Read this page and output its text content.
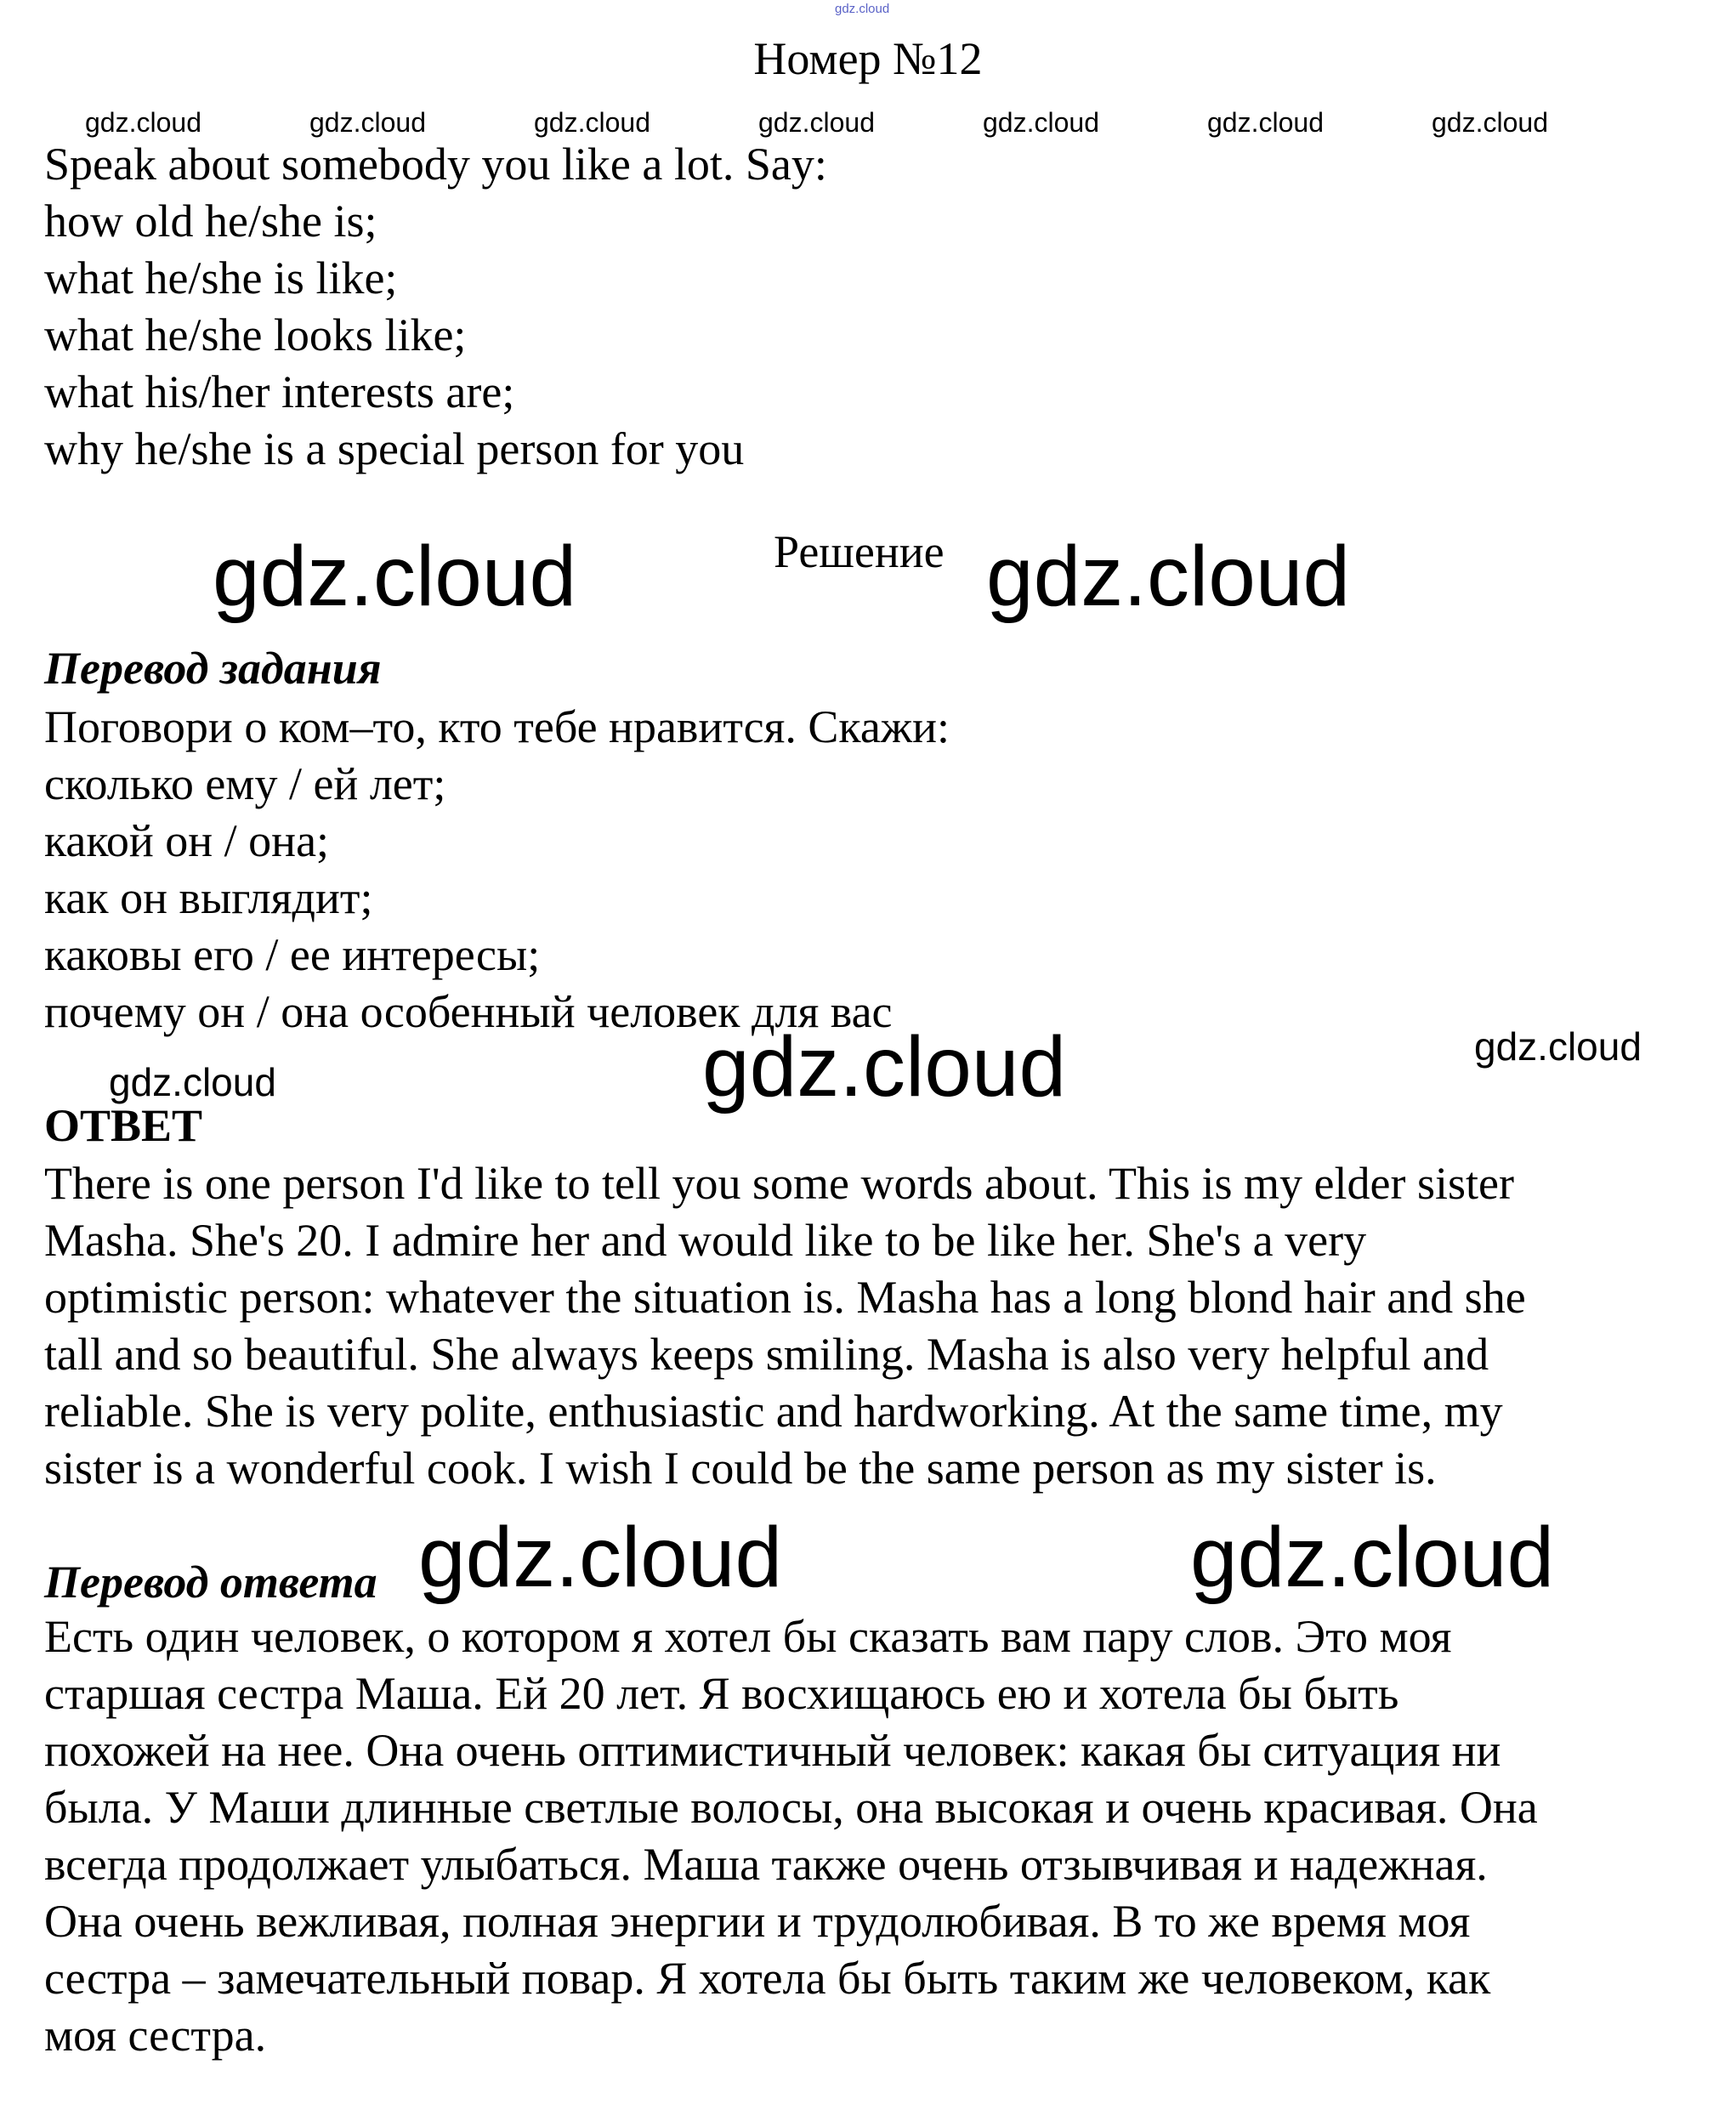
gdz.cloud
Номер №12
gdz.cloud	gdz.cloud	gdz.cloud	gdz.cloud	gdz.cloud	gdz.cloud	gdz.cloud
Speak about somebody you like a lot. Say:
how old he/she is;
what he/she is like;
what he/she looks like;
what his/her interests are;
why he/she is a special person for you
gdz.cloud	Решение gdz.cloud
Перевод задания
Поговори о ком–то, кто тебе нравится. Скажи:
сколько ему / ей лет;
какой он / она;
как он выглядит;
каковы его / ее интересы;
почему он / она особенный человек для вас
gdz.cloud	gdz.cloud	gdz.cloud
ОТВЕТ
There is one person I'd like to tell you some words about. This is my elder sister
Masha. She's 20. I admire her and would like to be like her. She's a very
optimistic person: whatever the situation is. Masha has a long blond hair and she
tall and so beautiful. She always keeps smiling. Masha is also very helpful and
reliable. She is very polite, enthusiastic and hardworking. At the same time, my
sister is a wonderful cook. I wish I could be the same person as my sister is.
Перевод ответа gdz.cloud	gdz.cloud
Есть один человек, о котором я хотел бы сказать вам пару слов. Это моя
старшая сестра Маша. Ей 20 лет. Я восхищаюсь ею и хотела бы быть
похожей на нее. Она очень оптимистичный человек: какая бы ситуация ни
была. У Маши длинные светлые волосы, она высокая и очень красивая. Она
всегда продолжает улыбаться. Маша также очень отзывчивая и надежная.
Она очень вежливая, полная энергии и трудолюбивая. В то же время моя
сестра – замечательный повар. Я хотела бы быть таким же человеком, как
моя сестра.
